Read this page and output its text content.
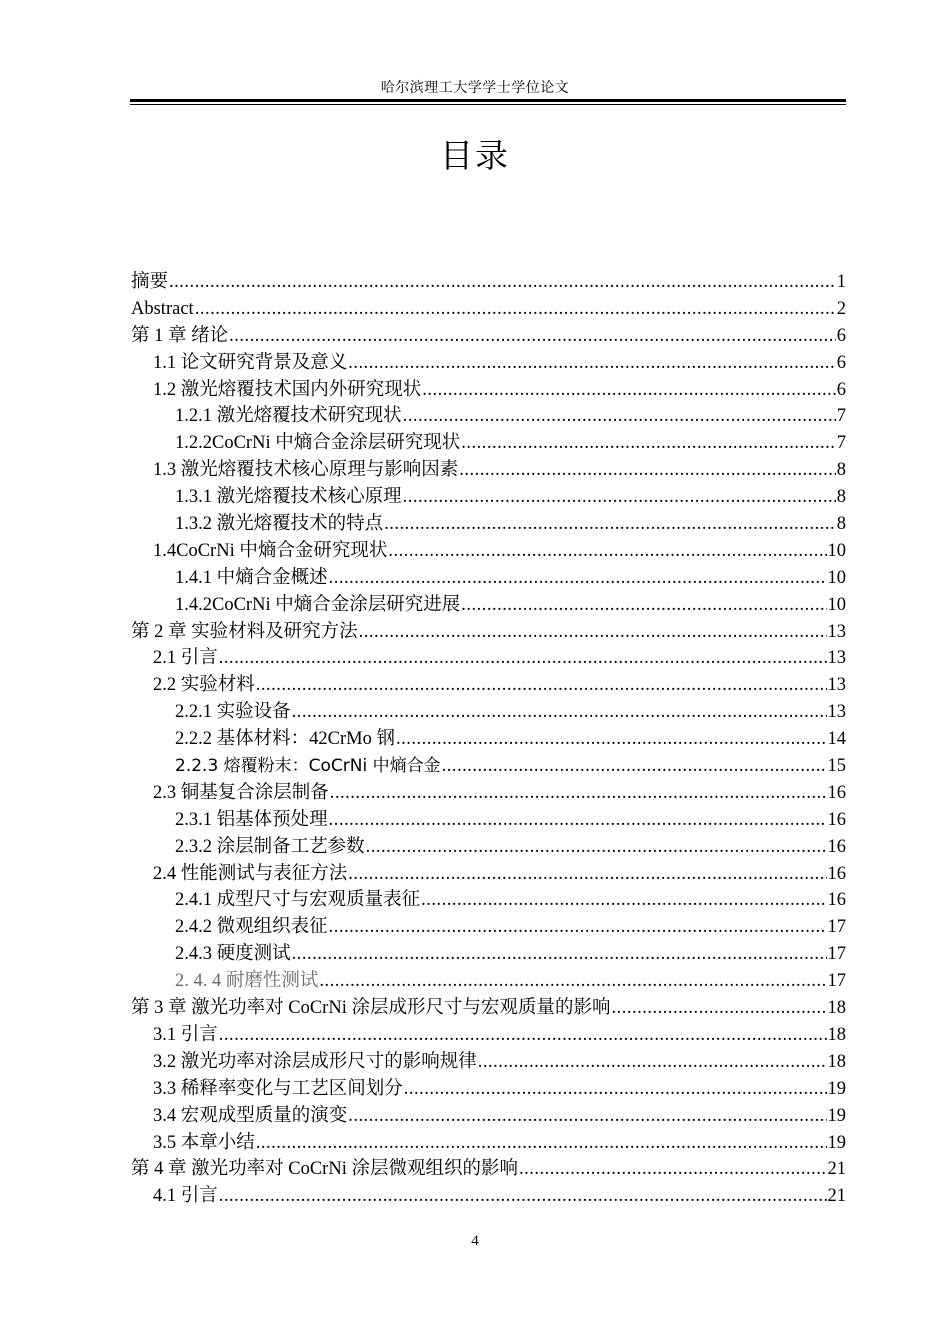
哈尔滨理工大学学士学位论文
目录
摘要 .....	1
Abstract .....	2
第 1 章 绪论 .....	6
1.1 论文研究背景及意义 .....	6
1.2 激光熔覆技术国内外研究现状 .....	6
1.2.1 激光熔覆技术研究现状 .....	7
1.2.2CoCrNi 中熵合金涂层研究现状 .....	7
1.3 激光熔覆技术核心原理与影响因素 .....	8
1.3.1 激光熔覆技术核心原理 .....	8
1.3.2 激光熔覆技术的特点 .....	8
1.4CoCrNi 中熵合金研究现状 .....	10
1.4.1 中熵合金概述 .....	10
1.4.2CoCrNi 中熵合金涂层研究进展 .....	10
第 2 章 实验材料及研究方法 .....	13
2.1 引言 .....	13
2.2 实验材料 .....	13
2.2.1 实验设备 .....	13
2.2.2 基体材料：42CrMo 钢 .....	14
2.2.3 熔覆粉末：CoCrNi 中熵合金 .....	15
2.3 铜基复合涂层制备 .....	16
2.3.1 铝基体预处理 .....	16
2.3.2 涂层制备工艺参数 .....	16
2.4 性能测试与表征方法 .....	16
2.4.1 成型尺寸与宏观质量表征 .....	16
2.4.2 微观组织表征 .....	17
2.4.3 硬度测试 .....	17
2. 4. 4 耐磨性测试 .....	17
第 3 章 激光功率对 CoCrNi 涂层成形尺寸与宏观质量的影响 .....	18
3.1 引言 .....	18
3.2 激光功率对涂层成形尺寸的影响规律 .....	18
3.3 稀释率变化与工艺区间划分 .....	19
3.4 宏观成型质量的演变 .....	19
3.5 本章小结 .....	19
第 4 章 激光功率对 CoCrNi 涂层微观组织的影响 .....	21
4.1 引言 .....	21
4
